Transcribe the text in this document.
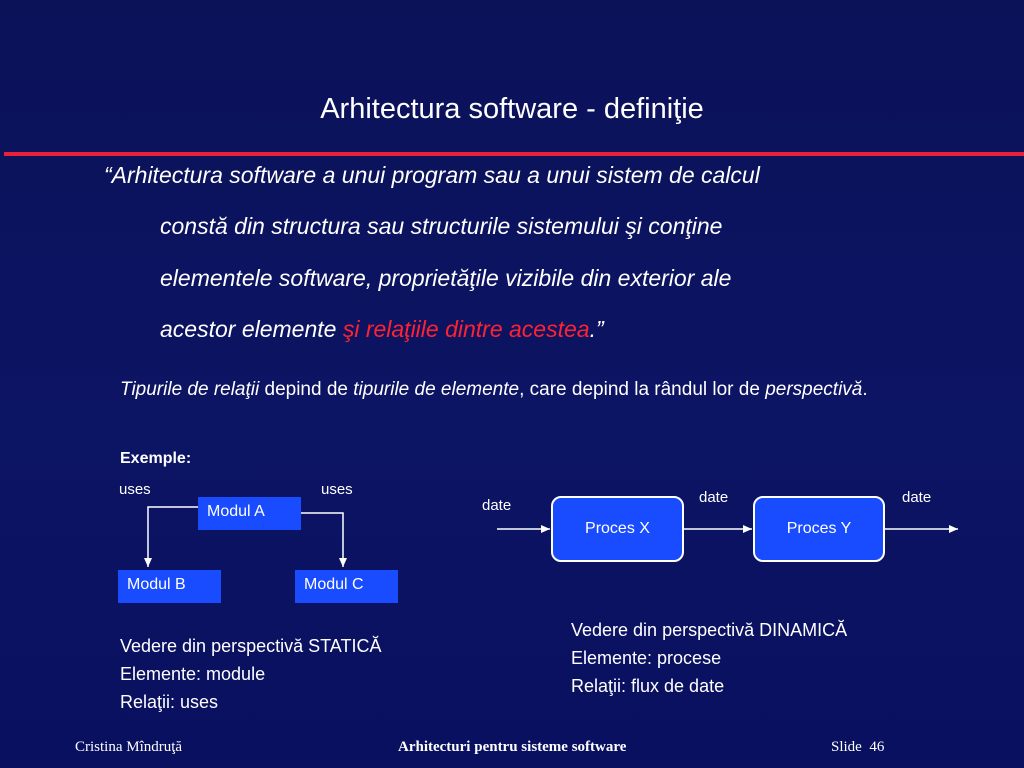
Arhitectura software - definiţie
“Arhitectura software a unui program sau a unui sistem de calcul
constă din structura sau structurile sistemului şi conţine
elementele software, proprietăţile vizibile din exterior ale
acestor elemente şi relaţiile dintre acestea.”
Tipurile de relaţii depind de tipurile de elemente, care depind la rândul lor de perspectivă.
Exemple:
uses	uses
Modul A
Modul B	Modul C
date	date	date
Proces X	Proces Y
Vedere din perspectivă STATICĂ
Elemente: module
Relaţii: uses
Vedere din perspectivă DINAMICĂ
Elemente: procese
Relaţii: flux de date
Cristina Mîndruţă	Arhitecturi pentru sisteme software	Slide 46
